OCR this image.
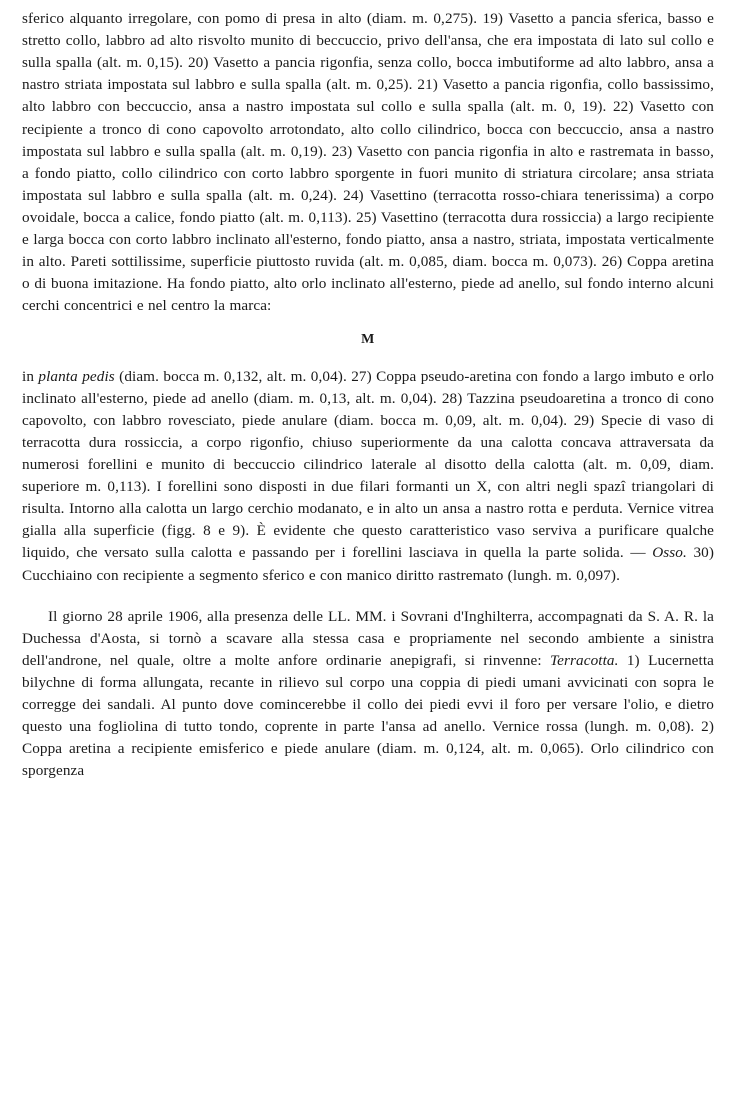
sferico alquanto irregolare, con pomo di presa in alto (diam. m. 0,275). 19) Vasetto a pancia sferica, basso e stretto collo, labbro ad alto risvolto munito di beccuccio, privo dell'ansa, che era impostata di lato sul collo e sulla spalla (alt. m. 0,15). 20) Vasetto a pancia rigonfia, senza collo, bocca imbutiforme ad alto labbro, ansa a nastro striata impostata sul labbro e sulla spalla (alt. m. 0,25). 21) Vasetto a pancia rigonfia, collo bassissimo, alto labbro con beccuccio, ansa a nastro impostata sul collo e sulla spalla (alt. m. 0, 19). 22) Vasetto con recipiente a tronco di cono capovolto arrotondato, alto collo cilindrico, bocca con beccuccio, ansa a nastro impostata sul labbro e sulla spalla (alt. m. 0,19). 23) Vasetto con pancia rigonfia in alto e rastremata in basso, a fondo piatto, collo cilindrico con corto labbro sporgente in fuori munito di striatura circolare; ansa striata impostata sul labbro e sulla spalla (alt. m. 0,24). 24) Vasettino (terracotta rosso-chiara tenerissima) a corpo ovoidale, bocca a calice, fondo piatto (alt. m. 0,113). 25) Vasettino (terracotta dura rossiccia) a largo recipiente e larga bocca con corto labbro inclinato all'esterno, fondo piatto, ansa a nastro, striata, impostata verticalmente in alto. Pareti sottilissime, superficie piuttosto ruvida (alt. m. 0,085, diam. bocca m. 0,073). 26) Coppa aretina o di buona imitazione. Ha fondo piatto, alto orlo inclinato all'esterno, piede ad anello, sul fondo interno alcuni cerchi concentrici e nel centro la marca:

M

in planta pedis (diam. bocca m. 0,132, alt. m. 0,04). 27) Coppa pseudo-aretina con fondo a largo imbuto e orlo inclinato all'esterno, piede ad anello (diam. m. 0,13, alt. m. 0,04). 28) Tazzina pseudoaretina a tronco di cono capovolto, con labbro rovesciato, piede anulare (diam. bocca m. 0,09, alt. m. 0,04). 29) Specie di vaso di terracotta dura rossiccia, a corpo rigonfio, chiuso superiormente da una calotta concava attraversata da numerosi forellini e munito di beccuccio cilindrico laterale al disotto della calotta (alt. m. 0,09, diam. superiore m. 0,113). I forellini sono disposti in due filari formanti un X, con altri negli spazî triangolari di risulta. Intorno alla calotta un largo cerchio modanato, e in alto un ansa a nastro rotta e perduta. Vernice vitrea gialla alla superficie (figg. 8 e 9). È evidente che questo caratteristico vaso serviva a purificare qualche liquido, che versato sulla calotta e passando per i forellini lasciava in quella la parte solida. — Osso. 30) Cucchiaino con recipiente a segmento sferico e con manico diritto rastremato (lungh. m. 0,097).

Il giorno 28 aprile 1906, alla presenza delle LL. MM. i Sovrani d'Inghilterra, accompagnati da S. A. R. la Duchessa d'Aosta, si tornò a scavare alla stessa casa e propriamente nel secondo ambiente a sinistra dell'androne, nel quale, oltre a molte anfore ordinarie anepigrafi, si rinvenne: Terracotta. 1) Lucernetta bilychne di forma allungata, recante in rilievo sul corpo una coppia di piedi umani avvicinati con sopra le corregge dei sandali. Al punto dove comincerebbe il collo dei piedi evvi il foro per versare l'olio, e dietro questo una fogliolina di tutto tondo, coprente in parte l'ansa ad anello. Vernice rossa (lungh. m. 0,08). 2) Coppa aretina a recipiente emisferico e piede anulare (diam. m. 0,124, alt. m. 0,065). Orlo cilindrico con sporgenza
